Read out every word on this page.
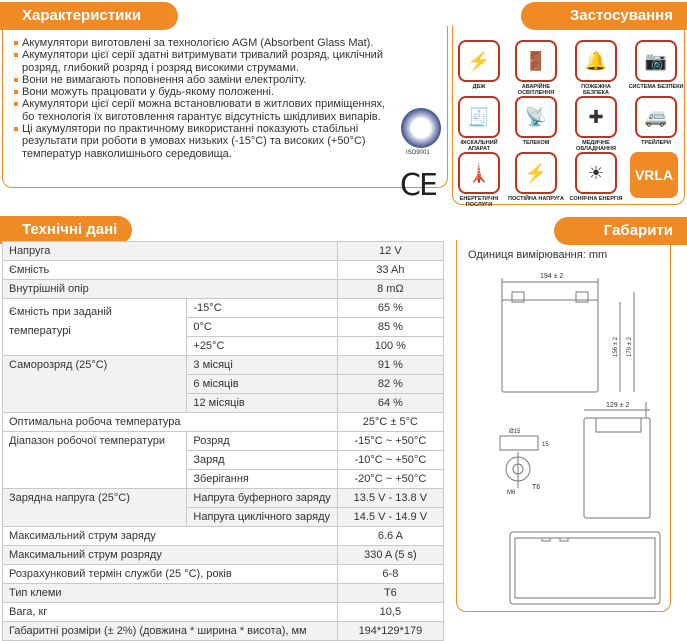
Характеристики
Акумулятори виготовлені за технологією AGM (Absorbent Glass Mat).
Акумулятори цієї серії здатні витримувати тривалий розряд, циклічний розряд, глибокий розряд і розряд високими струмами.
Вони не вимагають поповнення або заміни електроліту.
Вони можуть працювати у будь-якому положенні.
Акумулятори цієї серії можна встановлювати в житлових приміщеннях, бо технологія їх виготовлення гарантує відсутність шкідливих випарів.
Ці акумулятори по практичному використанні показують стабільні результати при роботи в умовах низьких (-15°C) та високих (+50°C) температур навколишнього середовища.
NGV
ISO9001
CE
Застосування
⚡
ДБЖ
🚪
АВАРІЙНЕ ОСВІТЛЕННЯ
🔔
ПОЖЕЖНА БЕЗПЕКА
📷
СИСТЕМА БЕЗПЕКИ
🧾
ФІСКАЛЬНИЙ АПАРАТ
📡
ТЕЛЕКОМ
✚
МЕДИЧНЕ ОБЛАДНАННЯ
🚐
ТРЕЙЛЕРИ
🗼
ЕНЕРГЕТИЧНІ ПОСЛУГИ
⚡
ПОСТІЙНА НАПРУГА
☀
СОНЯЧНА ЕНЕРГІЯ
VRLA
Технічні дані
Напруга		12 V
Ємність		33 Ah
Внутрішній опір		8 mΩ
Ємність при заданій
температурі	-15°C	65 %
	0°C	85 %
	+25°C	100 %
Саморозряд (25°C)	3 місяці	91 %
	6 місяців	82 %
	12 місяців	64 %
Оптимальна робоча температура		25°C ± 5°C
Діапазон робочої температури	Розряд	-15°C ~ +50°C
	Заряд	-10°C ~ +50°C
	Зберігання	-20°C ~ +50°C
Зарядна напруга (25°C)	Напруга буферного заряду	13.5 V - 13.8 V
	Напруга циклічного заряду	14.5 V - 14.9 V
Максимальний струм заряду		6.6 A
Максимальний струм розряду		330 A (5 s)
Розрахунковий термін служби (25 °C), років		6-8
Тип клеми		T6
Вага, кг		10,5
Габаритні розміри (± 2%) (довжина * ширина * висота), мм		194*129*179
Габарити
Одиниця вимірювання: mm
194 ± 2
156 ± 2 179 ± 2
129 ± 2
Ø15
15
M6
T6
